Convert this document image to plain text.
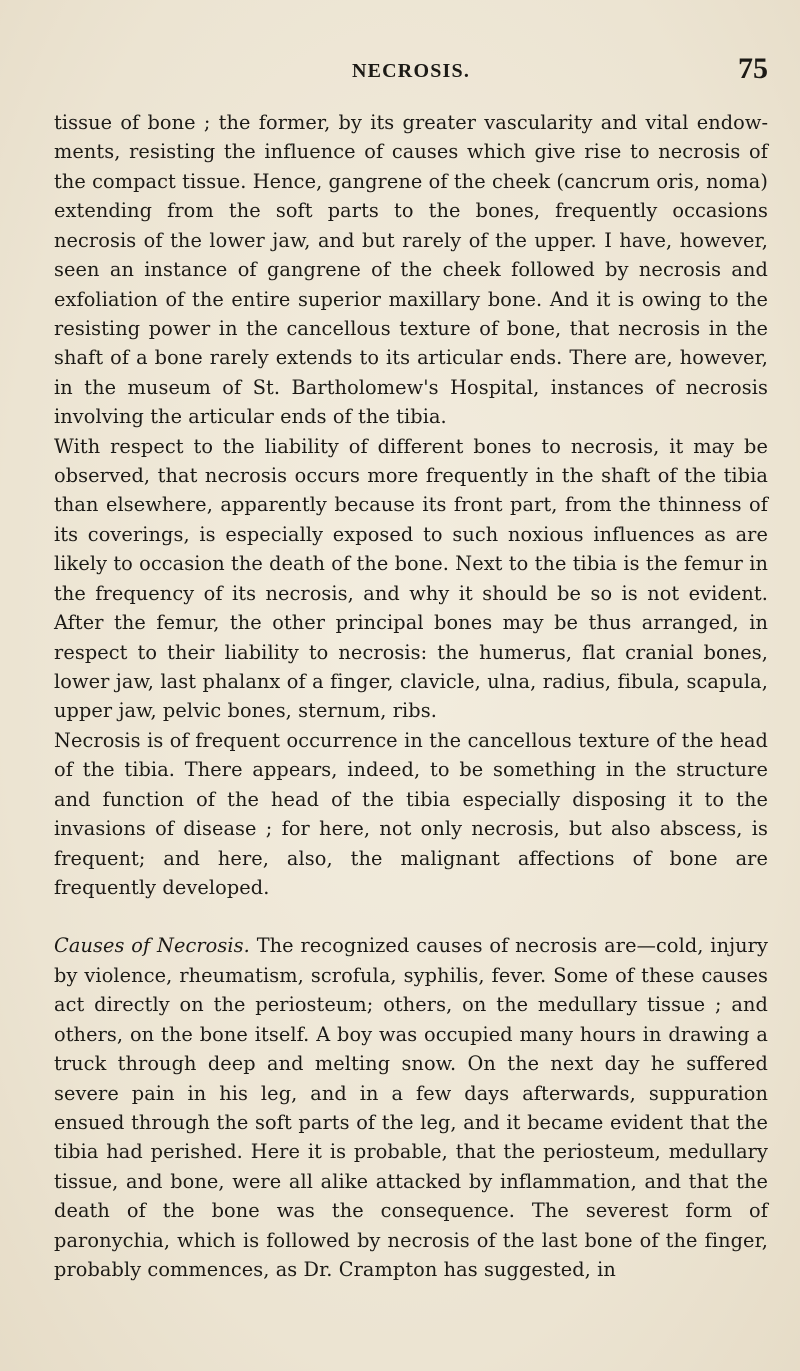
NECROSIS.	75

tissue of bone ; the former, by its greater vascularity and vital endowments, resisting the influence of causes which give rise to necrosis of the compact tissue. Hence, gangrene of the cheek (cancrum oris, noma) extending from the soft parts to the bones, frequently occasions necrosis of the lower jaw, and but rarely of the upper. I have, however, seen an instance of gangrene of the cheek followed by necrosis and exfoliation of the entire superior maxillary bone. And it is owing to the resisting power in the cancellous texture of bone, that necrosis in the shaft of a bone rarely extends to its articular ends. There are, however, in the museum of St. Bartholomew's Hospital, instances of necrosis involving the articular ends of the tibia.

With respect to the liability of different bones to necrosis, it may be observed, that necrosis occurs more frequently in the shaft of the tibia than elsewhere, apparently because its front part, from the thinness of its coverings, is especially exposed to such noxious influences as are likely to occasion the death of the bone. Next to the tibia is the femur in the frequency of its necrosis, and why it should be so is not evident. After the femur, the other principal bones may be thus arranged, in respect to their liability to necrosis: the humerus, flat cranial bones, lower jaw, last phalanx of a finger, clavicle, ulna, radius, fibula, scapula, upper jaw, pelvic bones, sternum, ribs.

Necrosis is of frequent occurrence in the cancellous texture of the head of the tibia. There appears, indeed, to be something in the structure and function of the head of the tibia especially disposing it to the invasions of disease ; for here, not only necrosis, but also abscess, is frequent; and here, also, the malignant affections of bone are frequently developed.

Causes of Necrosis. The recognized causes of necrosis are—cold, injury by violence, rheumatism, scrofula, syphilis, fever. Some of these causes act directly on the periosteum; others, on the medullary tissue ; and others, on the bone itself. A boy was occupied many hours in drawing a truck through deep and melting snow. On the next day he suffered severe pain in his leg, and in a few days afterwards, suppuration ensued through the soft parts of the leg, and it became evident that the tibia had perished. Here it is probable, that the periosteum, medullary tissue, and bone, were all alike attacked by inflammation, and that the death of the bone was the consequence. The severest form of paronychia, which is followed by necrosis of the last bone of the finger, probably commences, as Dr. Crampton has suggested, in
